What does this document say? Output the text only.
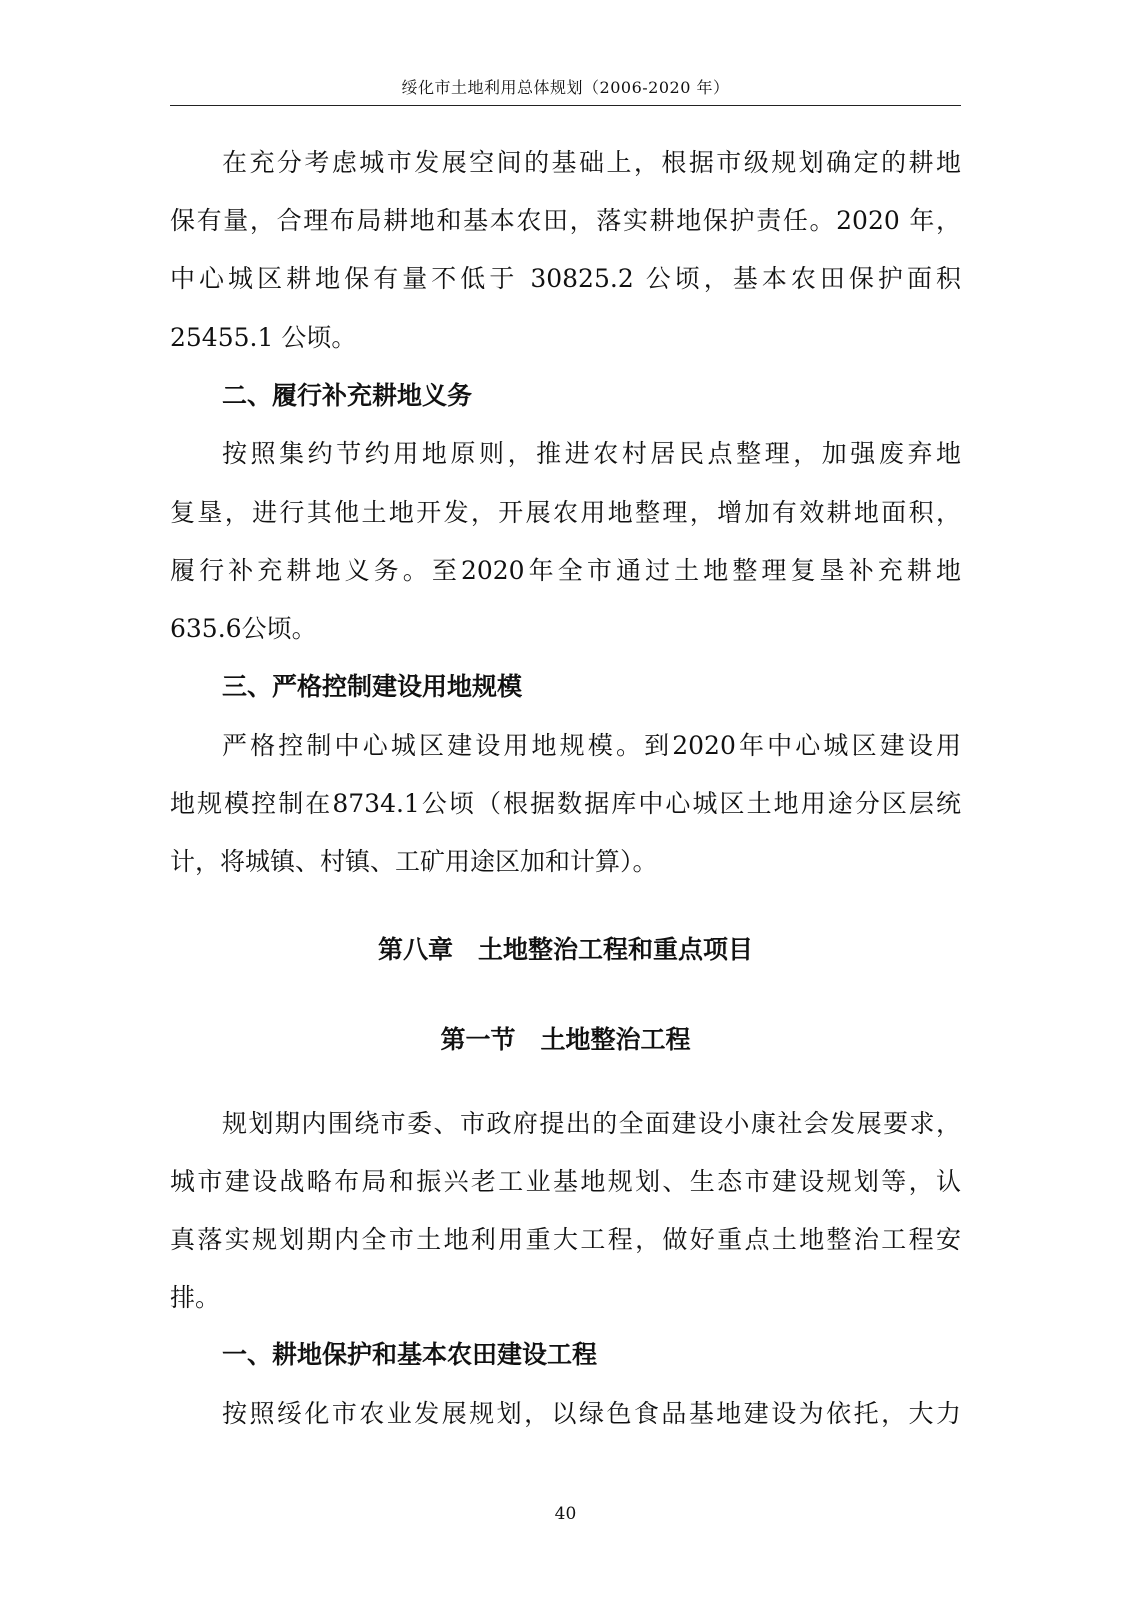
绥化市土地利用总体规划（2006-2020 年）
在充分考虑城市发展空间的基础上，根据市级规划确定的耕地
保有量，合理布局耕地和基本农田，落实耕地保护责任。2020 年，
中心城区耕地保有量不低于 30825.2 公顷，基本农田保护面积
25455.1 公顷。
二、履行补充耕地义务
按照集约节约用地原则，推进农村居民点整理，加强废弃地
复垦，进行其他土地开发，开展农用地整理，增加有效耕地面积，
履行补充耕地义务。至2020年全市通过土地整理复垦补充耕地
635.6公顷。
三、严格控制建设用地规模
严格控制中心城区建设用地规模。到2020年中心城区建设用
地规模控制在8734.1公顷（根据数据库中心城区土地用途分区层统
计，将城镇、村镇、工矿用途区加和计算）。
第八章　土地整治工程和重点项目
第一节　土地整治工程
规划期内围绕市委、市政府提出的全面建设小康社会发展要求，
城市建设战略布局和振兴老工业基地规划、生态市建设规划等，认
真落实规划期内全市土地利用重大工程，做好重点土地整治工程安
排。
一、耕地保护和基本农田建设工程
按照绥化市农业发展规划，以绿色食品基地建设为依托，大力
40
